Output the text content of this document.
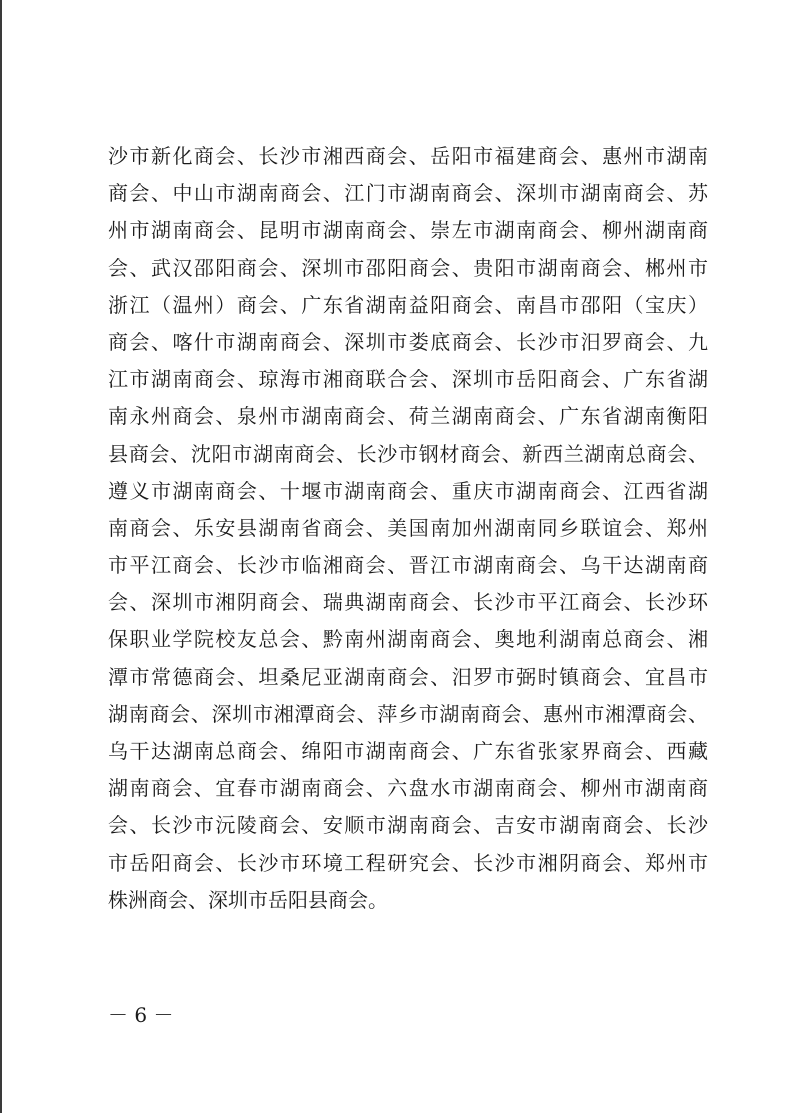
沙市新化商会、长沙市湘西商会、岳阳市福建商会、惠州市湖南
商会、中山市湖南商会、江门市湖南商会、深圳市湖南商会、苏
州市湖南商会、昆明市湖南商会、崇左市湖南商会、柳州湖南商
会、武汉邵阳商会、深圳市邵阳商会、贵阳市湖南商会、郴州市
浙江（温州）商会、广东省湖南益阳商会、南昌市邵阳（宝庆）
商会、喀什市湖南商会、深圳市娄底商会、长沙市汨罗商会、九
江市湖南商会、琼海市湘商联合会、深圳市岳阳商会、广东省湖
南永州商会、泉州市湖南商会、荷兰湖南商会、广东省湖南衡阳
县商会、沈阳市湖南商会、长沙市钢材商会、新西兰湖南总商会、
遵义市湖南商会、十堰市湖南商会、重庆市湖南商会、江西省湖
南商会、乐安县湖南省商会、美国南加州湖南同乡联谊会、郑州
市平江商会、长沙市临湘商会、晋江市湖南商会、乌干达湖南商
会、深圳市湘阴商会、瑞典湖南商会、长沙市平江商会、长沙环
保职业学院校友总会、黔南州湖南商会、奥地利湖南总商会、湘
潭市常德商会、坦桑尼亚湖南商会、汨罗市弼时镇商会、宜昌市
湖南商会、深圳市湘潭商会、萍乡市湖南商会、惠州市湘潭商会、
乌干达湖南总商会、绵阳市湖南商会、广东省张家界商会、西藏
湖南商会、宜春市湖南商会、六盘水市湖南商会、柳州市湖南商
会、长沙市沅陵商会、安顺市湖南商会、吉安市湖南商会、长沙
市岳阳商会、长沙市环境工程研究会、长沙市湘阴商会、郑州市
株洲商会、深圳市岳阳县商会。
－ 6 －
